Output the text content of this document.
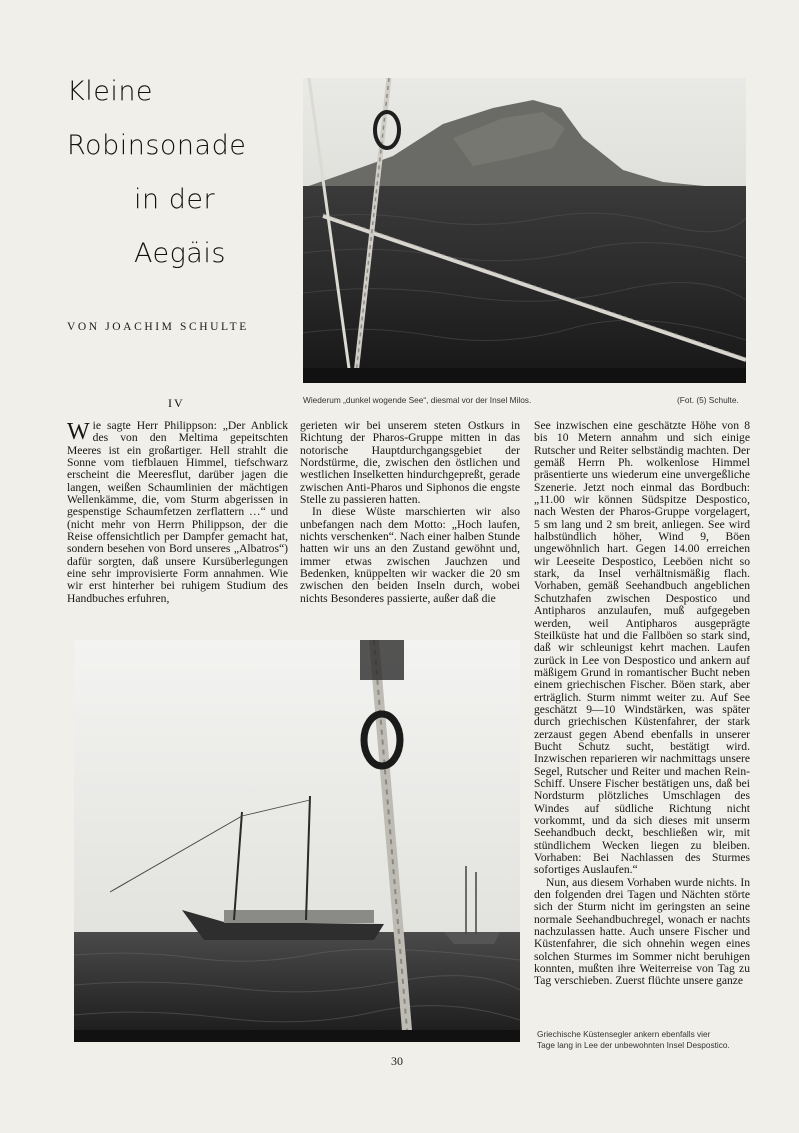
Kleine
Robinsonade
in der
Aegäis
VON JOACHIM SCHULTE
IV	Wiederum „dunkel wogende See“, diesmal vor der Insel Milos.	(Fot. (5) Schulte.

Wie sagte Herr Philippson: „Der Anblick des von den Meltima gepeitschten Meeres ist ein großartiger. Hell strahlt die Sonne vom tiefblauen Himmel, tiefschwarz erscheint die Meeresflut, darüber jagen die langen, weißen Schaumlinien der mächtigen Wellenkämme, die, vom Sturm abgerissen in gespenstige Schaumfetzen zerflattern …“ und (nicht mehr von Herrn Philippson, der die Reise offensichtlich per Dampfer gemacht hat, sondern besehen von Bord unseres „Albatros“) dafür sorgten, daß unsere Kursüberlegungen eine sehr improvisierte Form annahmen. Wie wir erst hinterher bei ruhigem Studium des Handbuches erfuhren,

gerieten wir bei unserem steten Ostkurs in Richtung der Pharos-Gruppe mitten in das notorische Hauptdurchgangsgebiet der Nordstürme, die, zwischen den östlichen und westlichen Inselketten hindurchgepreßt, gerade zwischen Anti-Pharos und Siphonos die engste Stelle zu passieren hatten.

In diese Wüste marschierten wir also unbefangen nach dem Motto: „Hoch laufen, nichts verschenken“. Nach einer halben Stunde hatten wir uns an den Zustand gewöhnt und, immer etwas zwischen Jauchzen und Bedenken, knüppelten wir wacker die 20 sm zwischen den beiden Inseln durch, wobei nichts Besonderes passierte, außer daß die

See inzwischen eine geschätzte Höhe von 8 bis 10 Metern annahm und sich einige Rutscher und Reiter selbständig machten. Der gemäß Herrn Ph. wolkenlose Himmel präsentierte uns wiederum eine unvergeßliche Szenerie. Jetzt noch einmal das Bordbuch: „11.00 wir können Südspitze Despostico, nach Westen der Pharos-Gruppe vorgelagert, 5 sm lang und 2 sm breit, anliegen. See wird halbstündlich höher, Wind 9, Böen ungewöhnlich hart. Gegen 14.00 erreichen wir Leeseite Despostico, Leeböen nicht so stark, da Insel verhältnismäßig flach. Vorhaben, gemäß Seehandbuch angeblichen Schutzhafen zwischen Despostico und Antipharos anzulaufen, muß aufgegeben werden, weil Antipharos ausgeprägte Steilküste hat und die Fallböen so stark sind, daß wir schleunigst kehrt machen. Laufen zurück in Lee von Despostico und ankern auf mäßigem Grund in romantischer Bucht neben einem griechischen Fischer. Böen stark, aber erträglich. Sturm nimmt weiter zu. Auf See geschätzt 9—10 Windstärken, was später durch griechischen Küstenfahrer, der stark zerzaust gegen Abend ebenfalls in unserer Bucht Schutz sucht, bestätigt wird. Inzwischen reparieren wir nachmittags unsere Segel, Rutscher und Reiter und machen Rein-Schiff. Unsere Fischer bestätigen uns, daß bei Nordsturm plötzliches Umschlagen des Windes auf südliche Richtung nicht vorkommt, und da sich dieses mit unserm Seehandbuch deckt, beschließen wir, mit stündlichem Wecken liegen zu bleiben. Vorhaben: Bei Nachlassen des Sturmes sofortiges Auslaufen.“

Nun, aus diesem Vorhaben wurde nichts. In den folgenden drei Tagen und Nächten störte sich der Sturm nicht im geringsten an seine normale Seehandbuchregel, wonach er nachts nachzulassen hatte. Auch unsere Fischer und Küstenfahrer, die sich ohnehin wegen eines solchen Sturmes im Sommer nicht beruhigen konnten, mußten ihre Weiterreise von Tag zu Tag verschieben. Zuerst flüchte unsere ganze

Griechische Küstensegler ankern ebenfalls vier
Tage lang in Lee der unbewohnten Insel Despostico.
30
